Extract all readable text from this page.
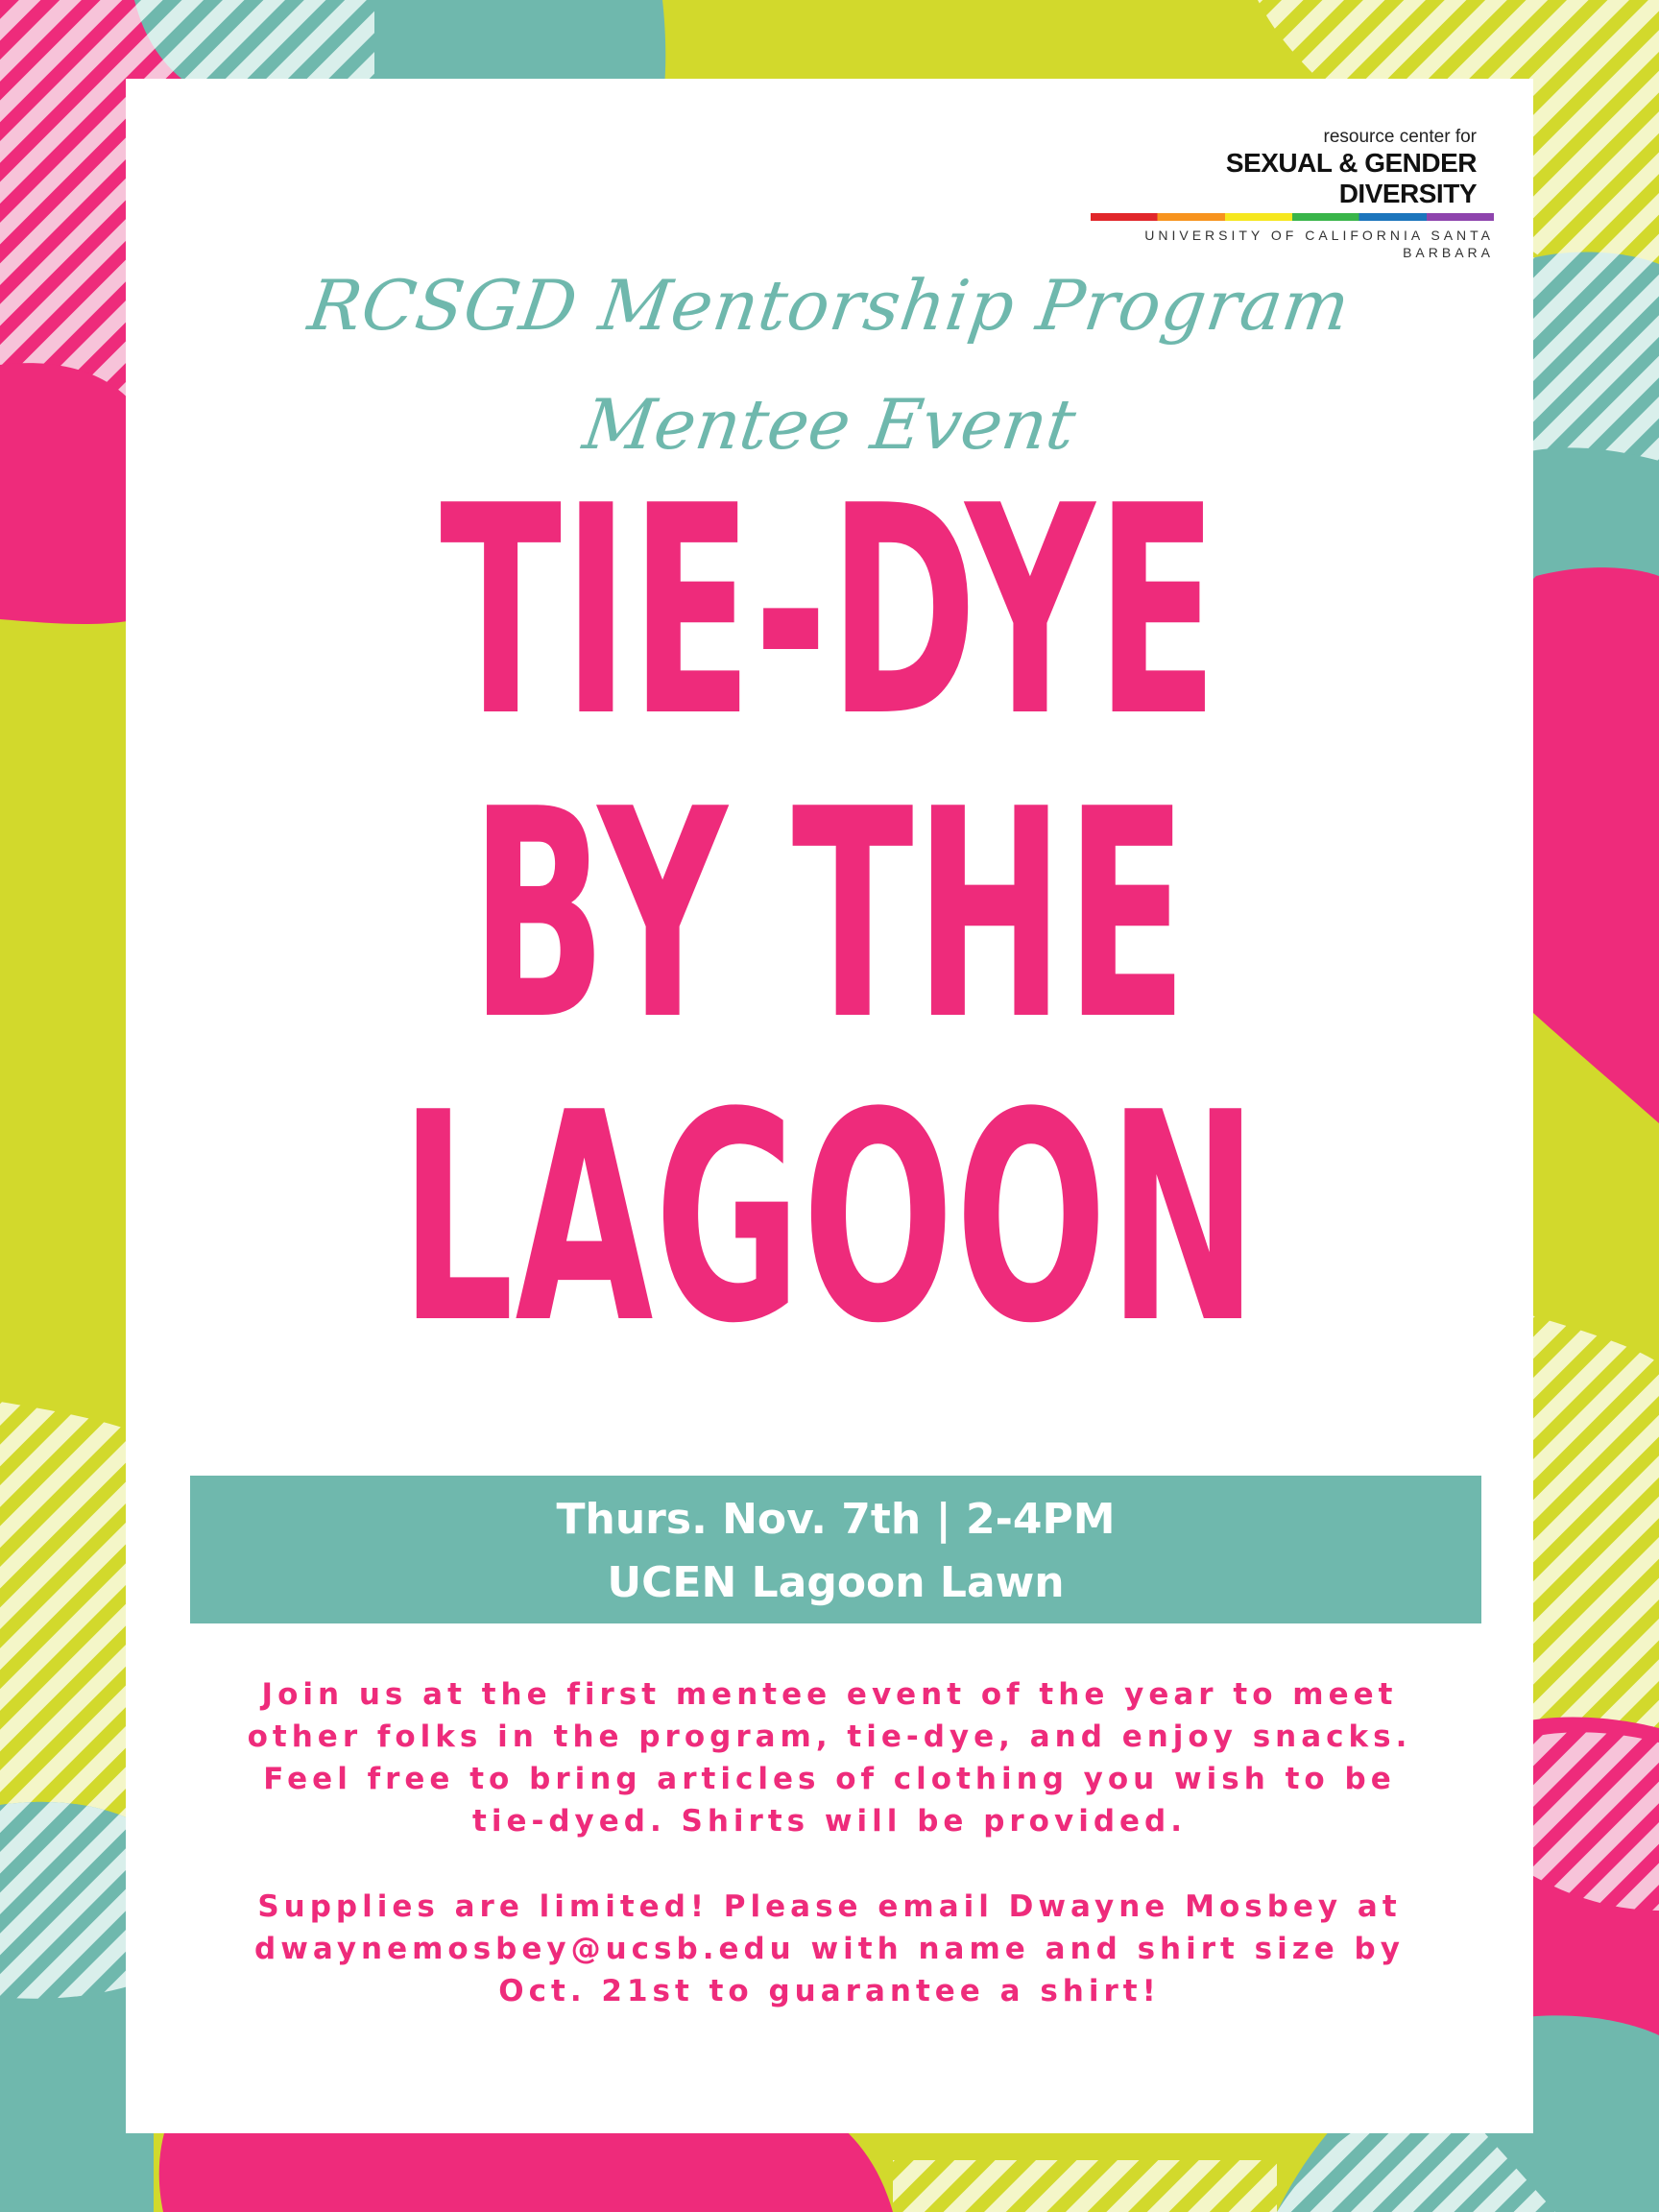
resource center for
SEXUAL & GENDER DIVERSITY
UNIVERSITY OF CALIFORNIA SANTA BARBARA
RCSGD Mentorship Program
Mentee Event
TIE-DYE
BY THE
LAGOON
Thurs. Nov. 7th | 2-4PM
UCEN Lagoon Lawn
Join us at the first mentee event of the year to meet
other folks in the program, tie-dye, and enjoy snacks.
Feel free to bring articles of clothing you wish to be
tie-dyed. Shirts will be provided.
Supplies are limited! Please email Dwayne Mosbey at
dwaynemosbey@ucsb.edu with name and shirt size by
Oct. 21st to guarantee a shirt!
